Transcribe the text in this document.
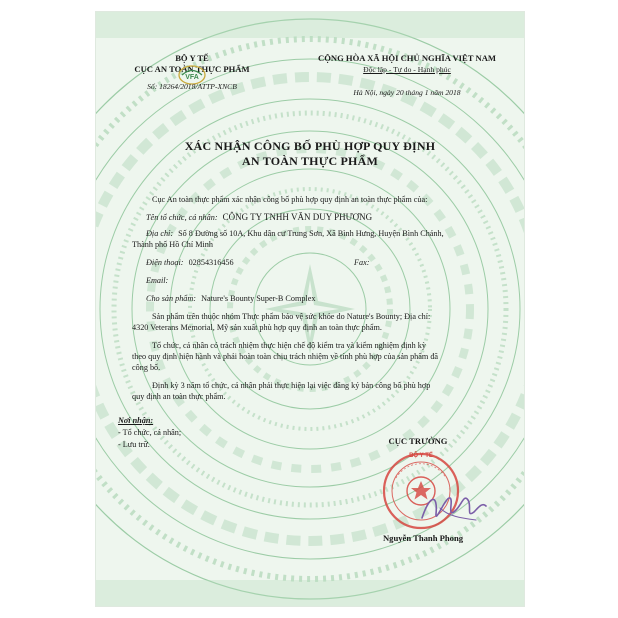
BỘ Y TẾ
CỤC AN TOÀN THỰC PHẨM
VFA
Số: 18264/2018/ATTP-XNCB
CỘNG HÒA XÃ HỘI CHỦ NGHĨA VIỆT NAM
Độc lập - Tự do - Hạnh phúc
Hà Nội, ngày 20 tháng 1 năm 2018
XÁC NHẬN CÔNG BỐ PHÙ HỢP QUY ĐỊNH
AN TOÀN THỰC PHẨM
Cục An toàn thực phẩm xác nhận công bố phù hợp quy định an toàn thực phẩm của:
Tên tổ chức, cá nhân: CÔNG TY TNHH VĂN DUY PHƯƠNG
Địa chỉ: Số 8 Đường số 10A, Khu dân cư Trung Sơn, Xã Bình Hưng, Huyện Bình Chánh,
Thành phố Hồ Chí Minh
Điện thoại: 02854316456	Fax:
Email:
Cho sản phẩm: Nature's Bounty Super-B Complex
Sản phẩm trên thuộc nhóm Thực phẩm bảo vệ sức khỏe do Nature's Bounty; Địa chỉ:
4320 Veterans Memorial, Mỹ sản xuất phù hợp quy định an toàn thực phẩm.
Tổ chức, cá nhân có trách nhiệm thực hiện chế độ kiểm tra và kiểm nghiệm định kỳ
theo quy định hiện hành và phải hoàn toàn chịu trách nhiệm về tính phù hợp của sản phẩm đã
công bố.
Định kỳ 3 năm tổ chức, cá nhân phải thực hiện lại việc đăng ký bản công bố phù hợp
quy định an toàn thực phẩm.
Nơi nhận:
- Tổ chức, cá nhân;
- Lưu trữ.	CỤC TRƯỞNG
BỘ Y TẾ
Nguyễn Thanh Phong
